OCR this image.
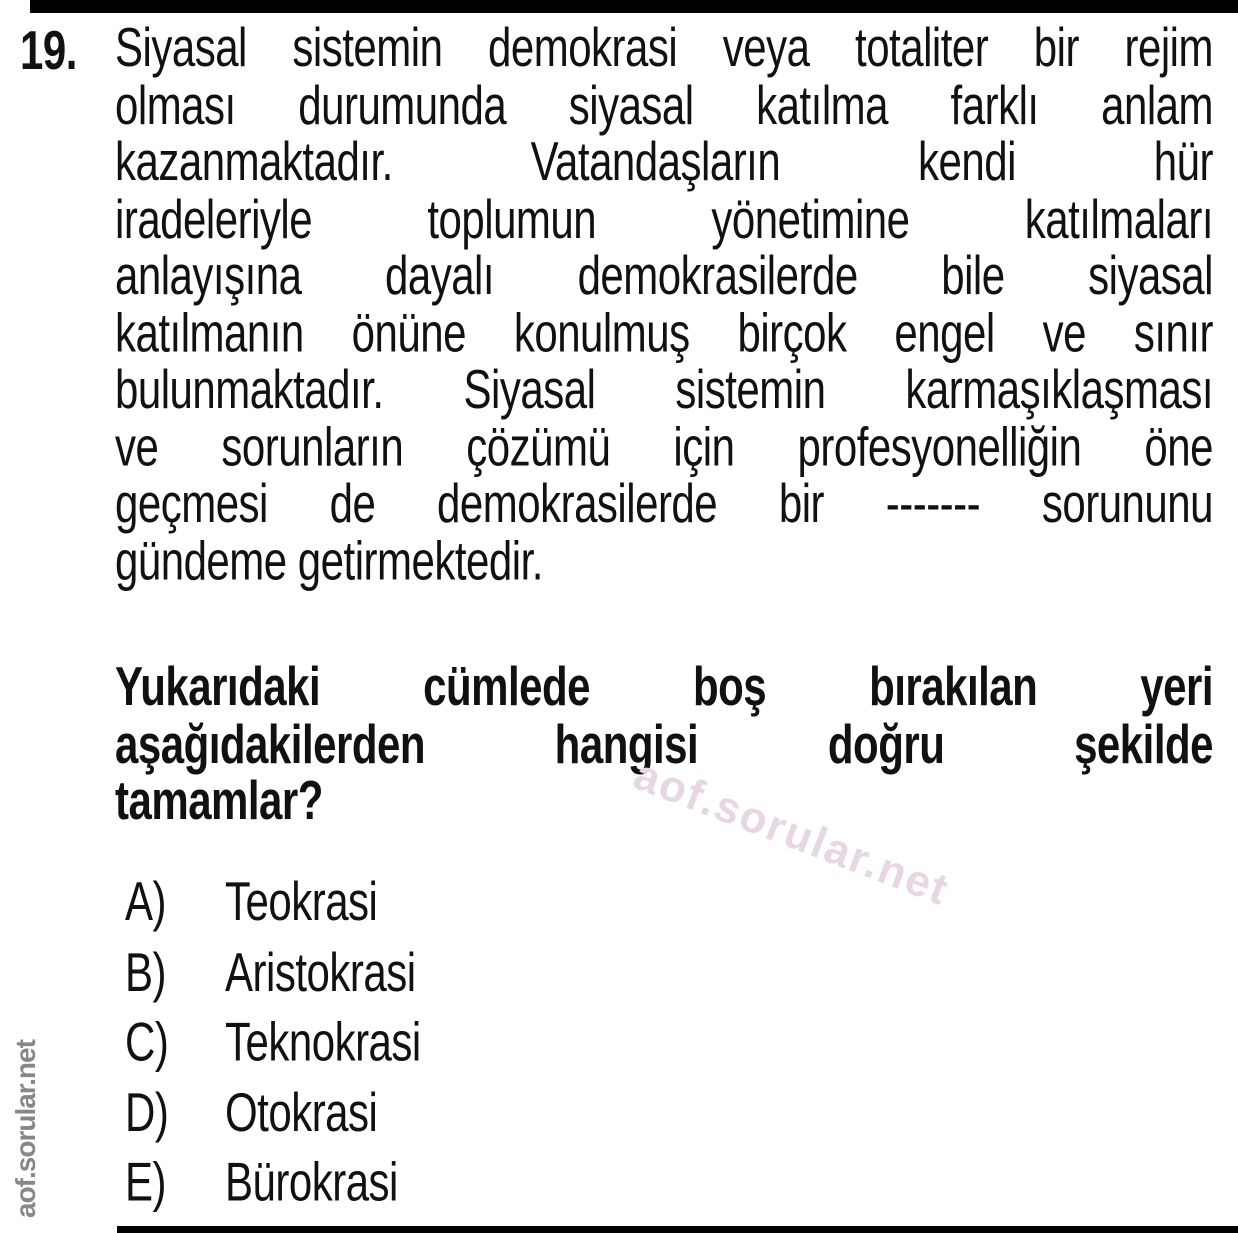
19. Siyasal sistemin demokrasi veya totaliter bir rejim
olması durumunda siyasal katılma farklı anlam
kazanmaktadır. Vatandaşların kendi hür
iradeleriyle toplumun yönetimine katılmaları
anlayışına dayalı demokrasilerde bile siyasal
katılmanın önüne konulmuş birçok engel ve sınır
bulunmaktadır. Siyasal sistemin karmaşıklaşması
ve sorunların çözümü için profesyonelliğin öne
geçmesi de demokrasilerde bir ------- sorununu
gündeme getirmektedir.
Yukarıdaki cümlede boş bırakılan yeri
aşağıdakilerden hangisi doğru şekilde
tamamlar?
A)	Teokrasi
B)	Aristokrasi
C)	Teknokrasi
D)	Otokrasi
E)	Bürokrasi
aof.sorular.net
aof.sorular.net
